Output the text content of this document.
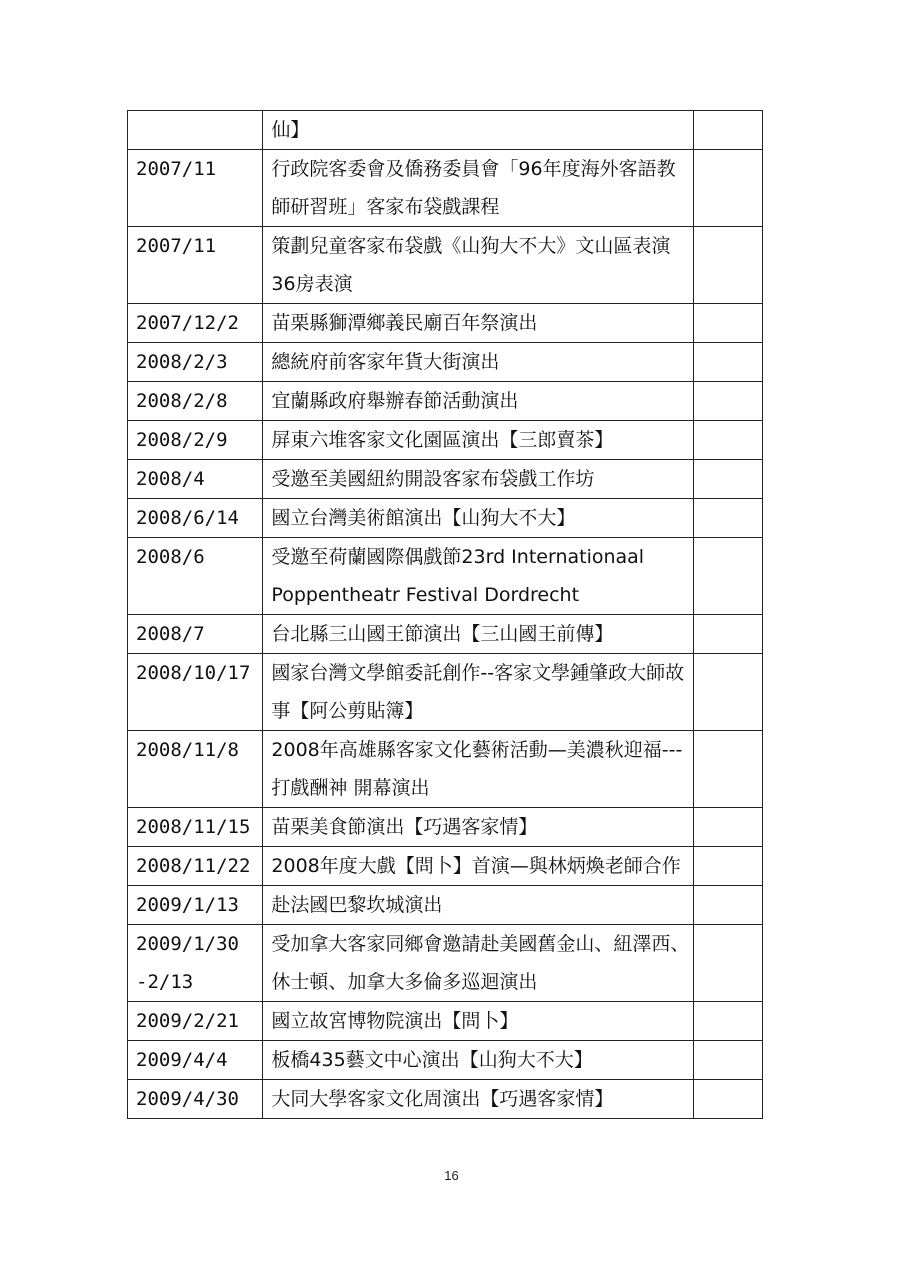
	仙】	
2007/11	行政院客委會及僑務委員會「96年度海外客語教師研習班」客家布袋戲課程	
2007/11	策劃兒童客家布袋戲《山狗大不大》文山區表演36房表演	
2007/12/2	苗栗縣獅潭鄉義民廟百年祭演出	
2008/2/3	總統府前客家年貨大街演出	
2008/2/8	宜蘭縣政府舉辦春節活動演出	
2008/2/9	屏東六堆客家文化園區演出【三郎賣茶】	
2008/4	受邀至美國紐約開設客家布袋戲工作坊	
2008/6/14	國立台灣美術館演出【山狗大不大】	
2008/6	受邀至荷蘭國際偶戲節23rd Internationaal Poppentheatr Festival Dordrecht	
2008/7	台北縣三山國王節演出【三山國王前傳】	
2008/10/17	國家台灣文學館委託創作--客家文學鍾肇政大師故事【阿公剪貼簿】	
2008/11/8	2008年高雄縣客家文化藝術活動—美濃秋迎福---打戲酬神 開幕演出	
2008/11/15	苗栗美食節演出【巧遇客家情】	
2008/11/22	2008年度大戲【問卜】首演—與林炳煥老師合作	
2009/1/13	赴法國巴黎坎城演出	
2009/1/30 -2/13	受加拿大客家同鄉會邀請赴美國舊金山、紐澤西、休士頓、加拿大多倫多巡迴演出	
2009/2/21	國立故宮博物院演出【問卜】	
2009/4/4	板橋435藝文中心演出【山狗大不大】	
2009/4/30	大同大學客家文化周演出【巧遇客家情】	
16
